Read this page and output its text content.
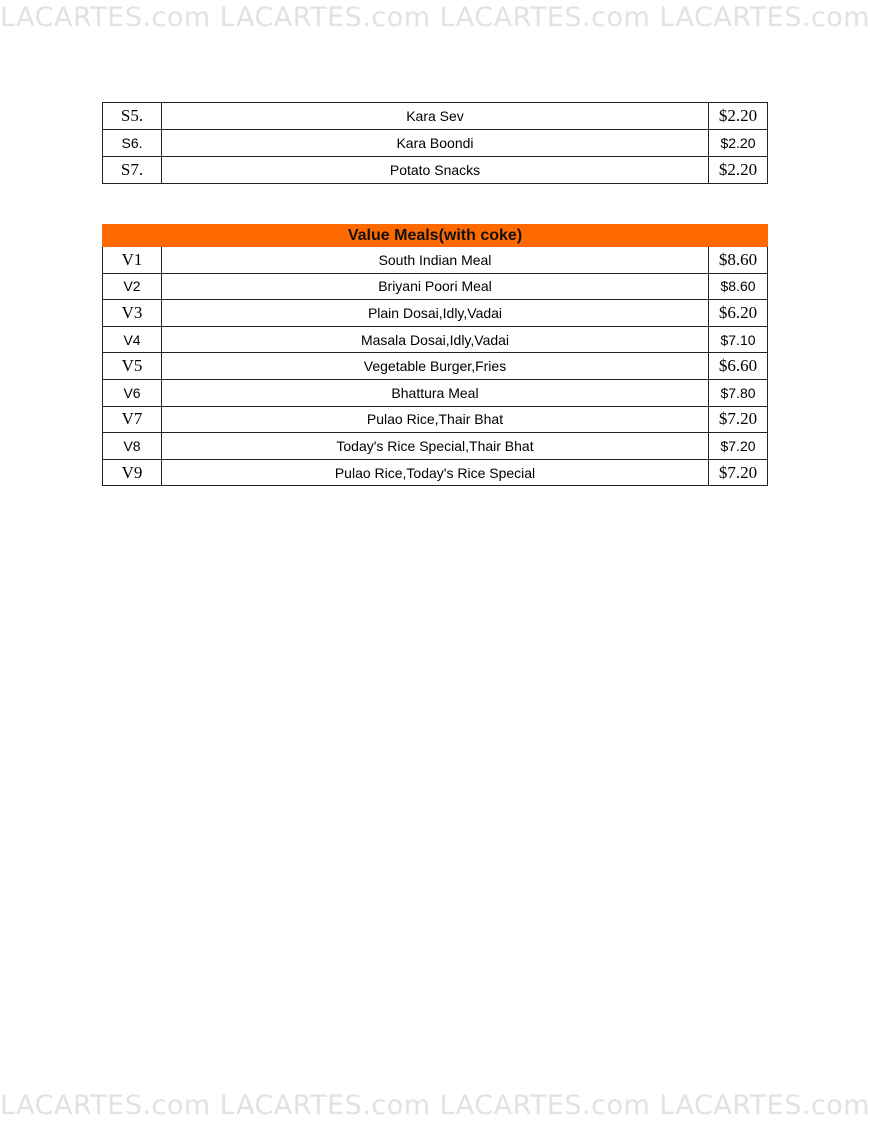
LACARTES.com LACARTES.com LACARTES.com LACARTES.com
S5.	Kara Sev	$2.20
S6.	Kara Boondi	$2.20
S7.	Potato Snacks	$2.20
Value Meals(with coke)		
V1	South Indian Meal	$8.60
V2	Briyani Poori Meal	$8.60
V3	Plain Dosai,Idly,Vadai	$6.20
V4	Masala Dosai,Idly,Vadai	$7.10
V5	Vegetable Burger,Fries	$6.60
V6	Bhattura Meal	$7.80
V7	Pulao Rice,Thair Bhat	$7.20
V8	Today's Rice Special,Thair Bhat	$7.20
V9	Pulao Rice,Today's Rice Special	$7.20
LACARTES.com LACARTES.com LACARTES.com LACARTES.com
